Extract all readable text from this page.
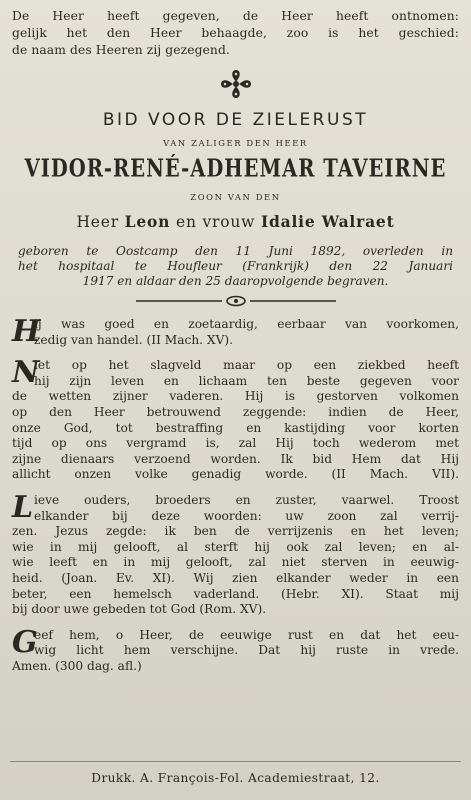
De Heer heeft gegeven, de Heer heeft ontnomen:
gelijk het den Heer behaagde, zoo is het geschied:
de naam des Heeren zij gezegend.
BID VOOR DE ZIELERUST
VAN ZALIGER DEN HEER
VIDOR-RENÉ-ADHEMAR TAVEIRNE
ZOON VAN DEN
Heer Leon en vrouw Idalie Walraet
geboren te Oostcamp den 11 Juni 1892, overleden in
het hospitaal te Houfleur (Frankrijk) den 22 Januari
1917 en aldaar den 25 daaropvolgende begraven.
H
ij was goed en zoetaardig, eerbaar van voorkomen,
zedig van handel. (II Mach. XV).
N
iet op het slagveld maar op een ziekbed heeft
hij zijn leven en lichaam ten beste gegeven voor
de wetten zijner vaderen. Hij is gestorven volkomen
op den Heer betrouwend zeggende: indien de Heer,
onze God, tot bestraffing en kastijding voor korten
tijd op ons vergramd is, zal Hij toch wederom met
zijne dienaars verzoend worden. Ik bid Hem dat Hij
allicht onzen volke genadig worde. (II Mach. VII).
L ieve ouders, broeders en zuster, vaarwel. Troost
elkander bij deze woorden: uw zoon zal verrij-
zen. Jezus zegde: ik ben de verrijzenis en het leven;
wie in mij gelooft, al sterft hij ook zal leven; en al-
wie leeft en in mij gelooft, zal niet sterven in eeuwig-
heid. (Joan. Ev. XI). Wij zien elkander weder in een
beter, een hemelsch vaderland. (Hebr. XI). Staat mij
bij door uwe gebeden tot God (Rom. XV).
G
eef hem, o Heer, de eeuwige rust en dat het eeu-
wig licht hem verschijne. Dat hij ruste in vrede.
Amen. (300 dag. afl.)
Drukk. A. François-Fol. Academiestraat, 12.
